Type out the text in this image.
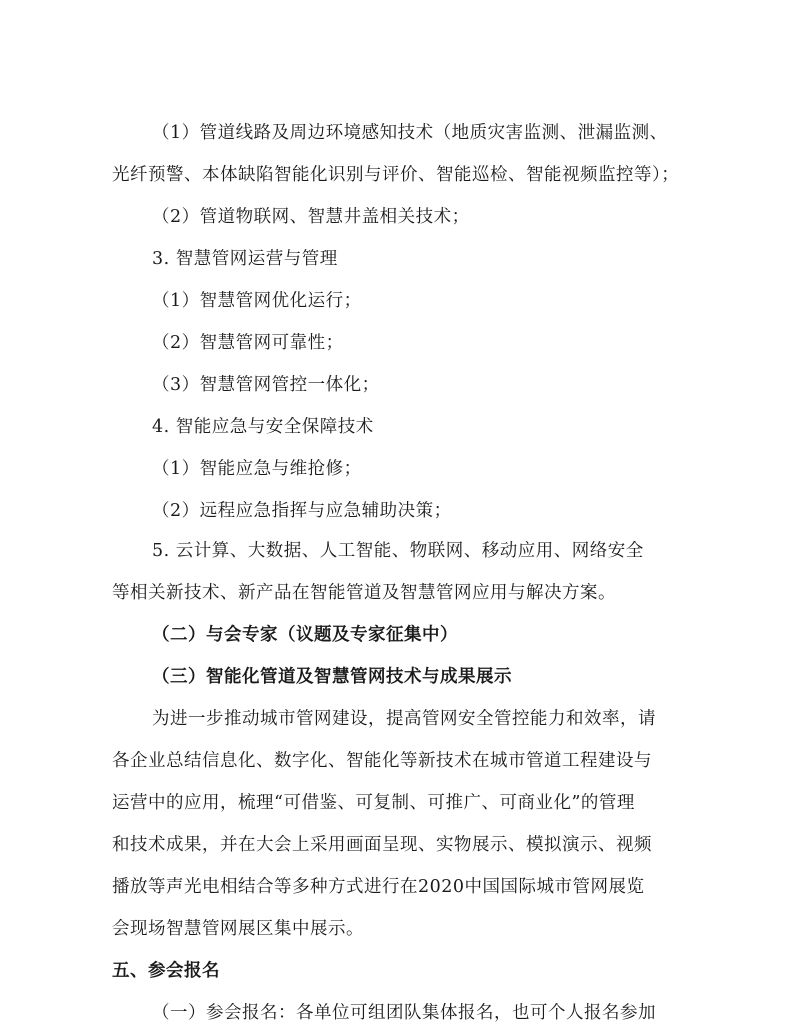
（1）管道线路及周边环境感知技术（地质灾害监测、泄漏监测、

光纤预警、本体缺陷智能化识别与评价、智能巡检、智能视频监控等）；

（2）管道物联网、智慧井盖相关技术；

3. 智慧管网运营与管理

（1）智慧管网优化运行；

（2）智慧管网可靠性；

（3）智慧管网管控一体化；

4. 智能应急与安全保障技术

（1）智能应急与维抢修；

（2）远程应急指挥与应急辅助决策；

5. 云计算、大数据、人工智能、物联网、移动应用、网络安全

等相关新技术、新产品在智能管道及智慧管网应用与解决方案。

（二）与会专家（议题及专家征集中）

（三）智能化管道及智慧管网技术与成果展示

为进一步推动城市管网建设，提高管网安全管控能力和效率，请

各企业总结信息化、数字化、智能化等新技术在城市管道工程建设与

运营中的应用，梳理“可借鉴、可复制、可推广、可商业化”的管理

和技术成果，并在大会上采用画面呈现、实物展示、模拟演示、视频

播放等声光电相结合等多种方式进行在2020中国国际城市管网展览

会现场智慧管网展区集中展示。

五、参会报名

（一）参会报名：各单位可组团队集体报名，也可个人报名参加
